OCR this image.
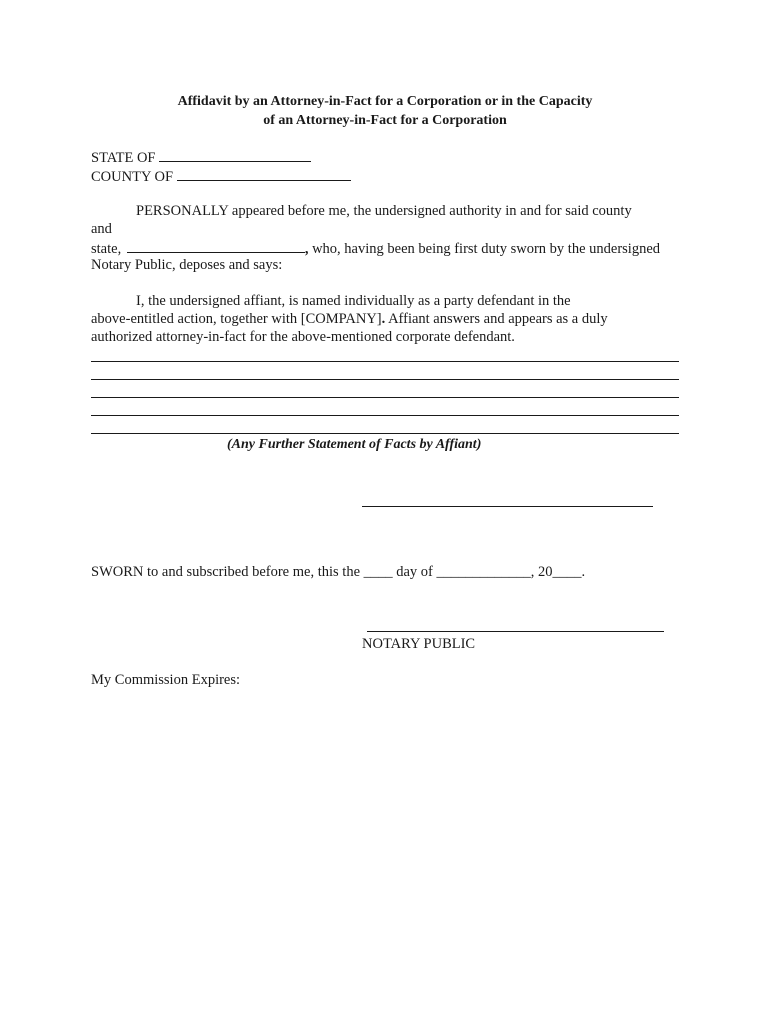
Affidavit by an Attorney-in-Fact for a Corporation or in the Capacity
of an Attorney-in-Fact for a Corporation
STATE OF
COUNTY OF
PERSONALLY appeared before me, the undersigned authority in and for said county
and
state,	, who, having been being first duty sworn by the undersigned
Notary Public, deposes and says:
I, the undersigned affiant, is named individually as a party defendant in the
above-entitled action, together with [COMPANY]. Affiant answers and appears as a duly
authorized attorney-in-fact for the above-mentioned corporate defendant.
(Any Further Statement of Facts by Affiant)
SWORN to and subscribed before me, this the ____ day of _____________, 20____.
NOTARY PUBLIC
My Commission Expires:
